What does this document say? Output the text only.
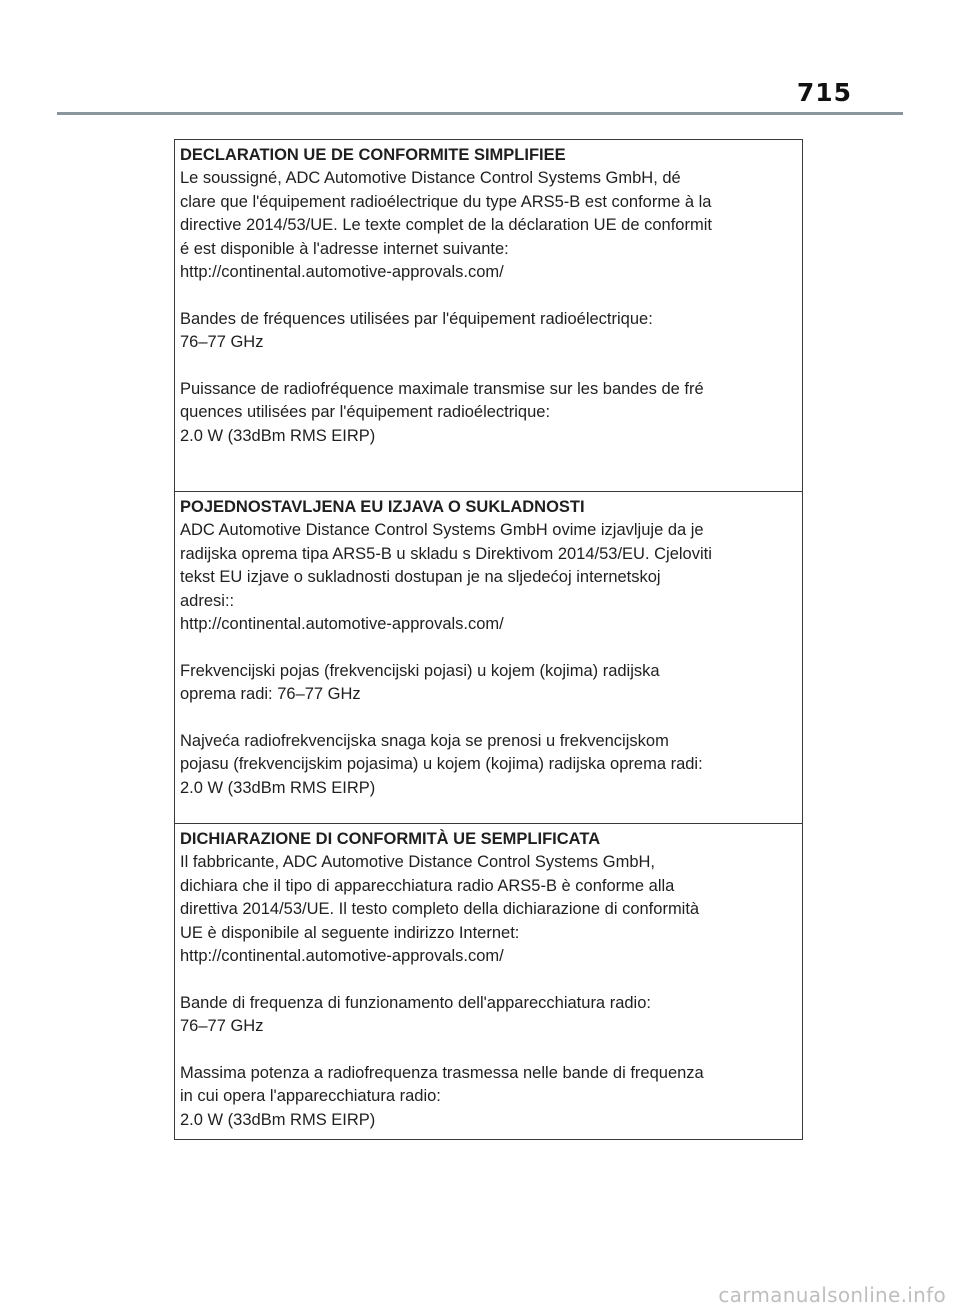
715
DECLARATION UE DE CONFORMITE SIMPLIFIEE

Le soussigné, ADC Automotive Distance Control Systems GmbH, dé
clare que l'équipement radioélectrique du type ARS5-B est conforme à la
directive 2014/53/UE. Le texte complet de la déclaration UE de conformit
é est disponible à l'adresse internet suivante:
http://continental.automotive-approvals.com/

Bandes de fréquences utilisées par l'équipement radioélectrique:
76–77 GHz

Puissance de radiofréquence maximale transmise sur les bandes de fré
quences utilisées par l'équipement radioélectrique:
2.0 W (33dBm RMS EIRP)

POJEDNOSTAVLJENA EU IZJAVA O SUKLADNOSTI

ADC Automotive Distance Control Systems GmbH ovime izjavljuje da je
radijska oprema tipa ARS5-B u skladu s Direktivom 2014/53/EU. Cjeloviti
tekst EU izjave o sukladnosti dostupan je na sljedećoj internetskoj
adresi::
http://continental.automotive-approvals.com/

Frekvencijski pojas (frekvencijski pojasi) u kojem (kojima) radijska
oprema radi: 76–77 GHz

Najveća radiofrekvencijska snaga koja se prenosi u frekvencijskom
pojasu (frekvencijskim pojasima) u kojem (kojima) radijska oprema radi:
2.0 W (33dBm RMS EIRP)

DICHIARAZIONE DI CONFORMITÀ UE SEMPLIFICATA

Il fabbricante, ADC Automotive Distance Control Systems GmbH,
dichiara che il tipo di apparecchiatura radio ARS5-B è conforme alla
direttiva 2014/53/UE. Il testo completo della dichiarazione di conformità
UE è disponibile al seguente indirizzo Internet:
http://continental.automotive-approvals.com/

Bande di frequenza di funzionamento dell'apparecchiatura radio:
76–77 GHz

Massima potenza a radiofrequenza trasmessa nelle bande di frequenza
in cui opera l'apparecchiatura radio:
2.0 W (33dBm RMS EIRP)

carmanualsonline.info
